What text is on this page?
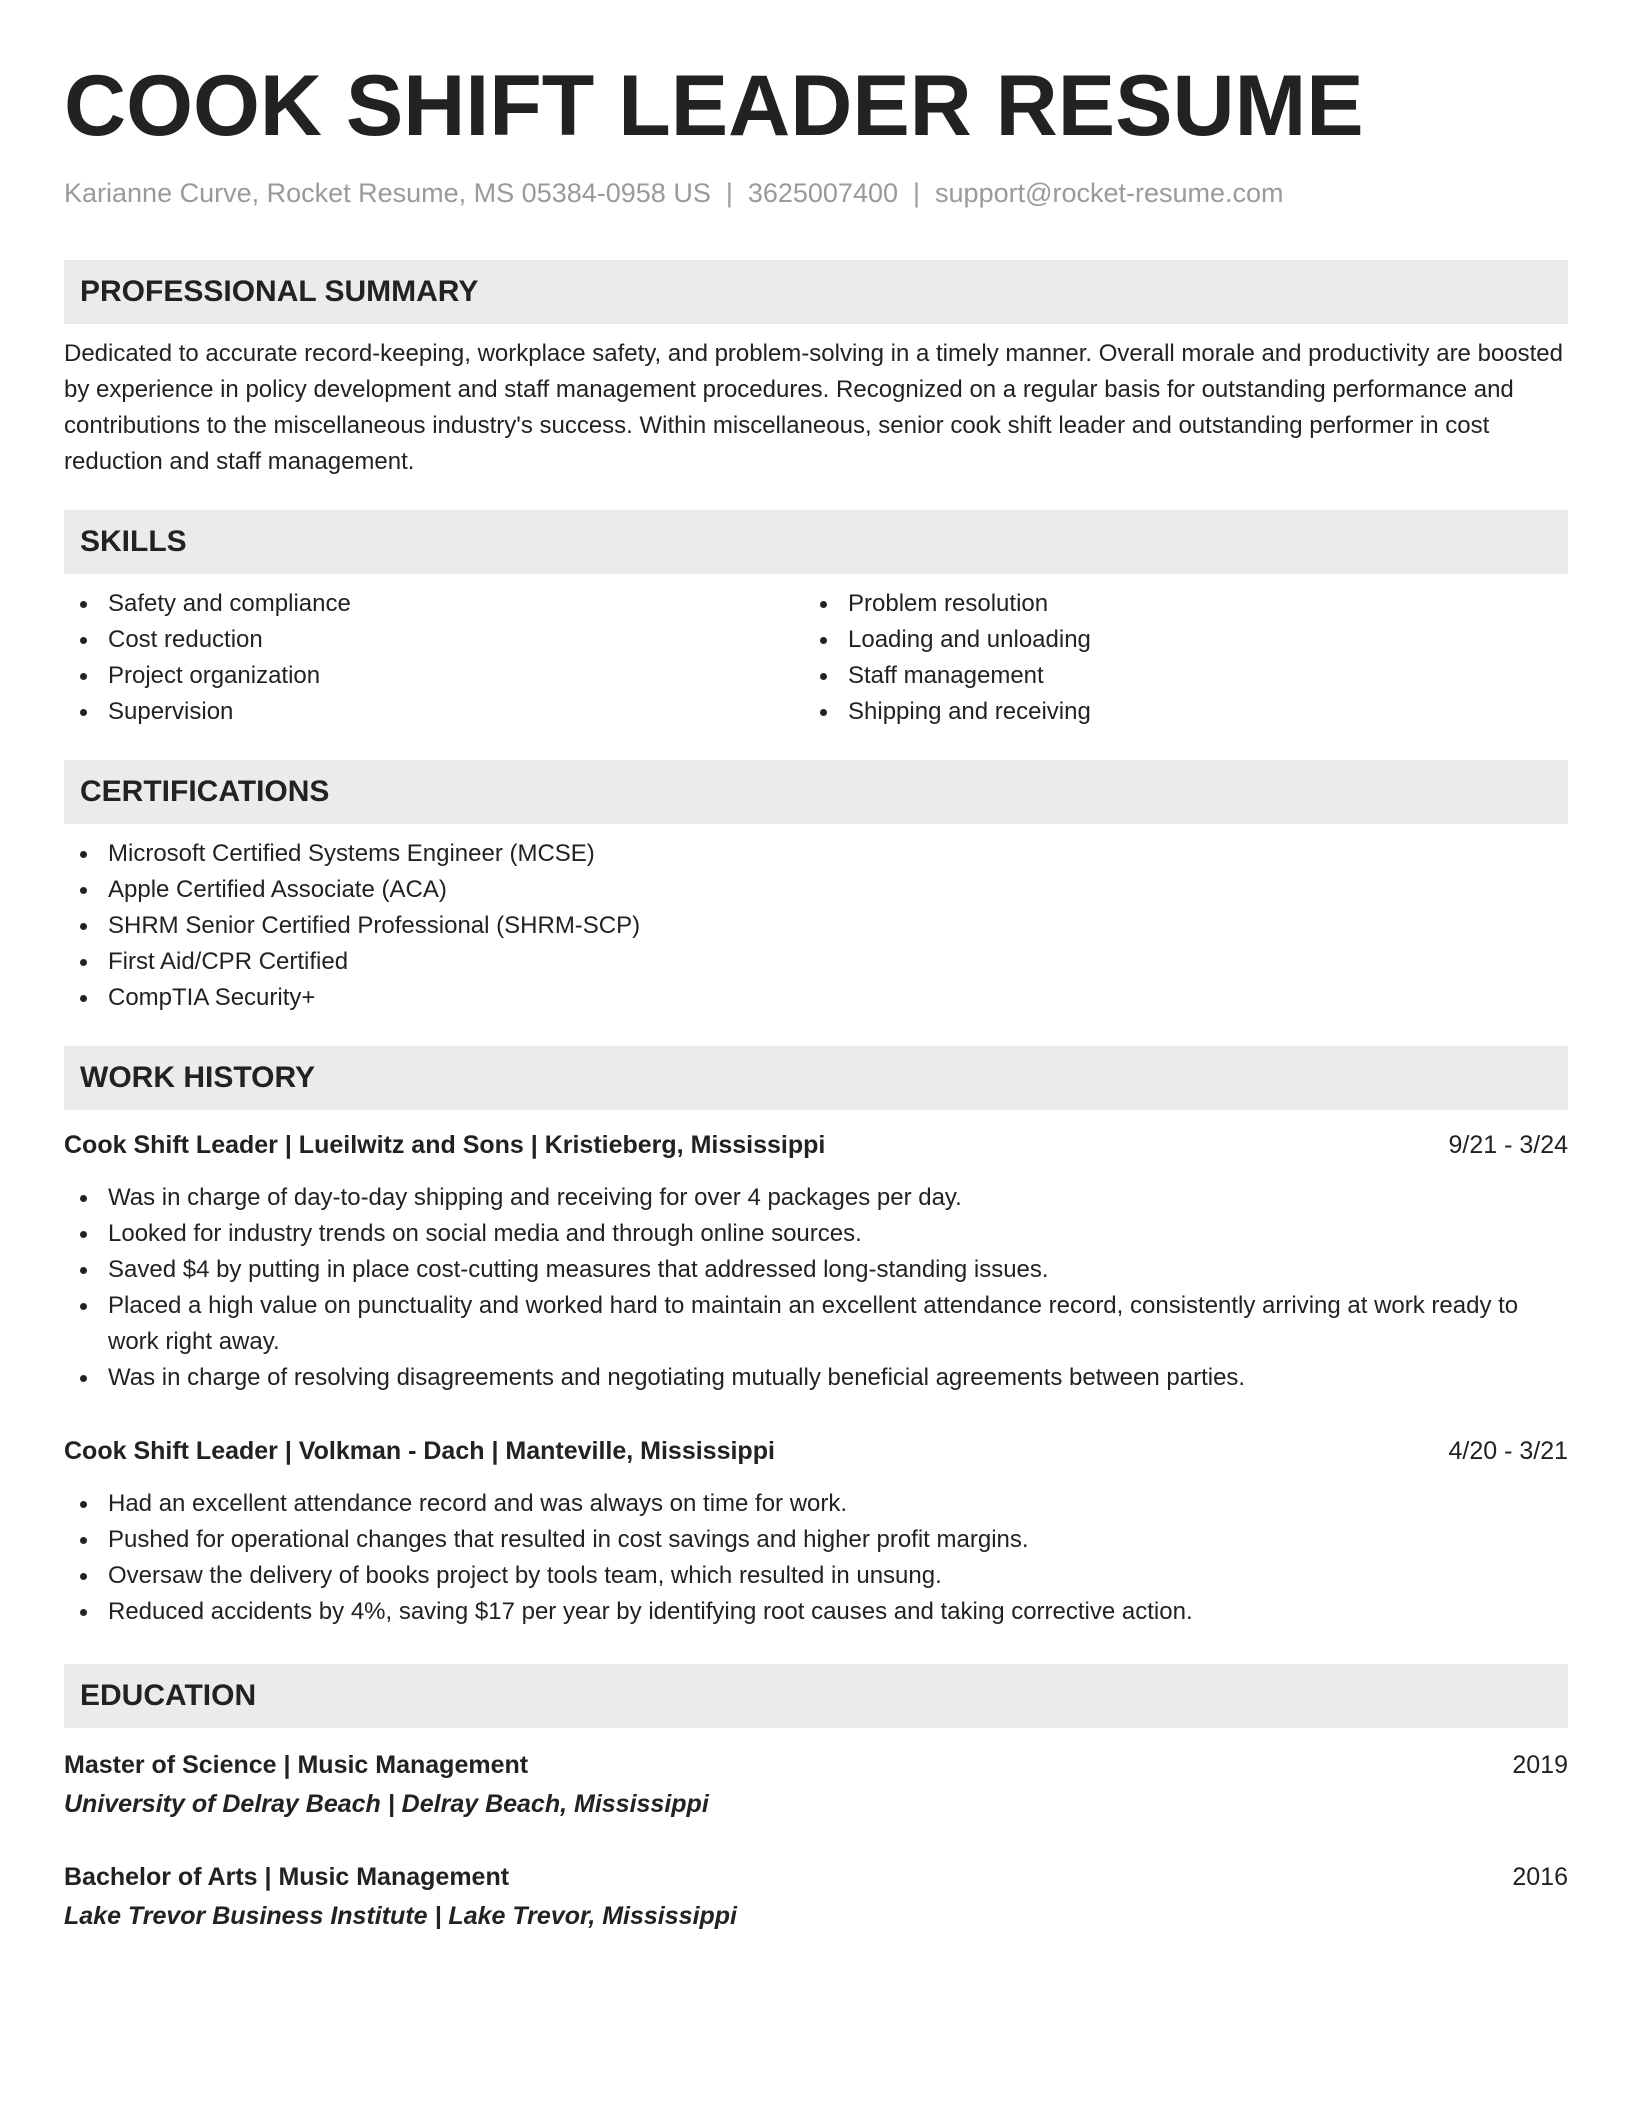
COOK SHIFT LEADER RESUME
Karianne Curve, Rocket Resume, MS 05384-0958 US | 3625007400 | support@rocket-resume.com
PROFESSIONAL SUMMARY

Dedicated to accurate record-keeping, workplace safety, and problem-solving in a timely manner. Overall morale and productivity are boosted by experience in policy development and staff management procedures. Recognized on a regular basis for outstanding performance and contributions to the miscellaneous industry's success. Within miscellaneous, senior cook shift leader and outstanding performer in cost reduction and staff management.

SKILLS
Safety and compliance
Cost reduction
Project organization
Supervision
Problem resolution
Loading and unloading
Staff management
Shipping and receiving
CERTIFICATIONS
Microsoft Certified Systems Engineer (MCSE)
Apple Certified Associate (ACA)
SHRM Senior Certified Professional (SHRM-SCP)
First Aid/CPR Certified
CompTIA Security+
WORK HISTORY
Cook Shift Leader | Lueilwitz and Sons | Kristieberg, Mississippi	9/21 - 3/24
Was in charge of day-to-day shipping and receiving for over 4 packages per day.
Looked for industry trends on social media and through online sources.
Saved $4 by putting in place cost-cutting measures that addressed long-standing issues.
Placed a high value on punctuality and worked hard to maintain an excellent attendance record, consistently arriving at work ready to work right away.
Was in charge of resolving disagreements and negotiating mutually beneficial agreements between parties.
Cook Shift Leader | Volkman - Dach | Manteville, Mississippi	4/20 - 3/21
Had an excellent attendance record and was always on time for work.
Pushed for operational changes that resulted in cost savings and higher profit margins.
Oversaw the delivery of books project by tools team, which resulted in unsung.
Reduced accidents by 4%, saving $17 per year by identifying root causes and taking corrective action.
EDUCATION
Master of Science | Music Management	2019
University of Delray Beach | Delray Beach, Mississippi
Bachelor of Arts | Music Management	2016
Lake Trevor Business Institute | Lake Trevor, Mississippi
